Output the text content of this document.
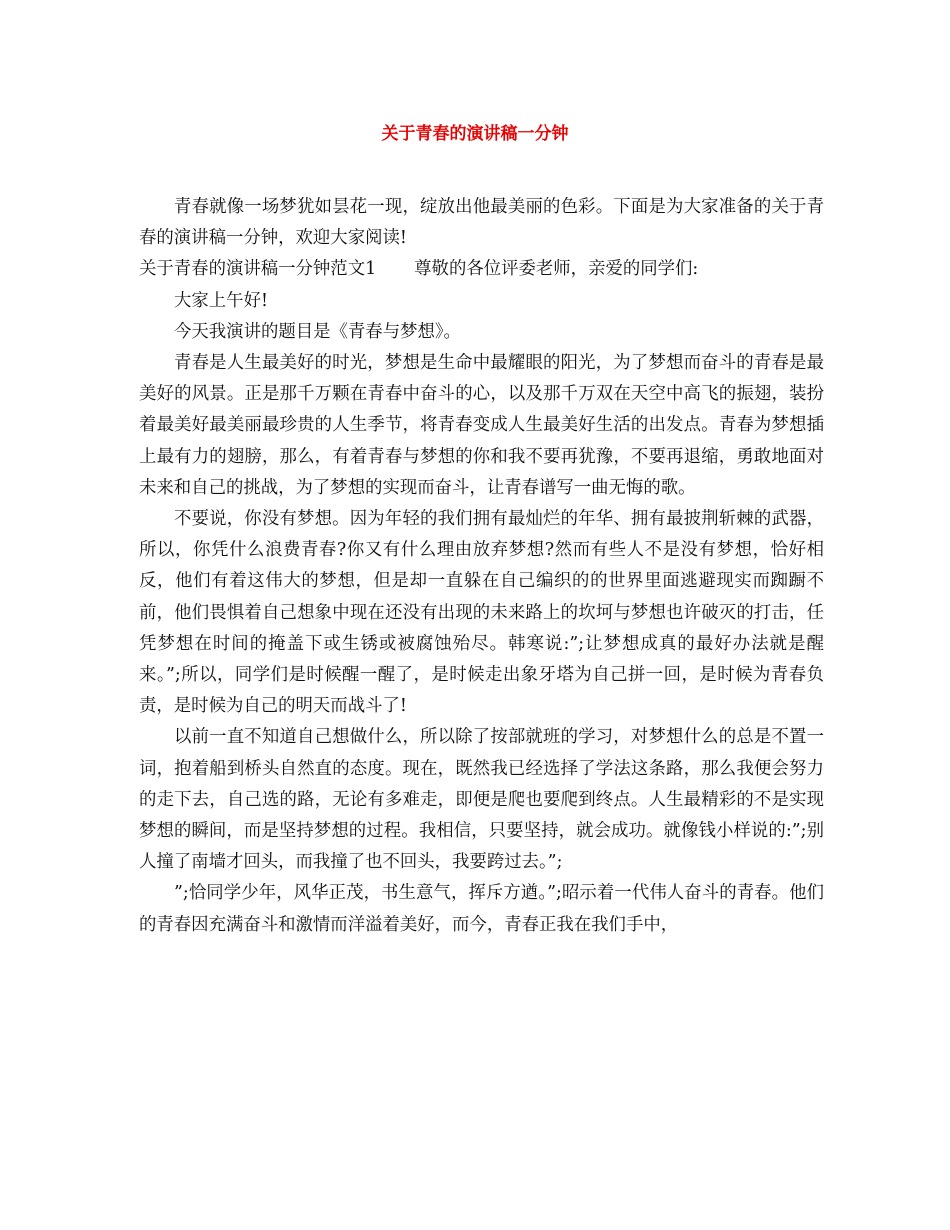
关于青春的演讲稿一分钟

青春就像一场梦犹如昙花一现，绽放出他最美丽的色彩。下面是为大家准备的关于青春的演讲稿一分钟，欢迎大家阅读!

关于青春的演讲稿一分钟范文1 尊敬的各位评委老师，亲爱的同学们:

大家上午好!

今天我演讲的题目是《青春与梦想》。

青春是人生最美好的时光，梦想是生命中最耀眼的阳光，为了梦想而奋斗的青春是最美好的风景。正是那千万颗在青春中奋斗的心，以及那千万双在天空中高飞的振翅，装扮着最美好最美丽最珍贵的人生季节，将青春变成人生最美好生活的出发点。青春为梦想插上最有力的翅膀，那么，有着青春与梦想的你和我不要再犹豫，不要再退缩，勇敢地面对未来和自己的挑战，为了梦想的实现而奋斗，让青春谱写一曲无悔的歌。

不要说，你没有梦想。因为年轻的我们拥有最灿烂的年华、拥有最披荆斩棘的武器，所以，你凭什么浪费青春?你又有什么理由放弃梦想?然而有些人不是没有梦想，恰好相反，他们有着这伟大的梦想，但是却一直躲在自己编织的的世界里面逃避现实而踟蹰不前，他们畏惧着自己想象中现在还没有出现的未来路上的坎坷与梦想也许破灭的打击，任凭梦想在时间的掩盖下或生锈或被腐蚀殆尽。韩寒说:”;让梦想成真的最好办法就是醒来。”;所以，同学们是时候醒一醒了，是时候走出象牙塔为自己拼一回，是时候为青春负责，是时候为自己的明天而战斗了!

以前一直不知道自己想做什么，所以除了按部就班的学习，对梦想什么的总是不置一词，抱着船到桥头自然直的态度。现在，既然我已经选择了学法这条路，那么我便会努力的走下去，自己选的路，无论有多难走，即便是爬也要爬到终点。人生最精彩的不是实现梦想的瞬间，而是坚持梦想的过程。我相信，只要坚持，就会成功。就像钱小样说的:”;别人撞了南墙才回头，而我撞了也不回头，我要跨过去。”;

”;恰同学少年，风华正茂，书生意气，挥斥方遒。”;昭示着一代伟人奋斗的青春。他们的青春因充满奋斗和激情而洋溢着美好，而今，青春正我在我们手中，
